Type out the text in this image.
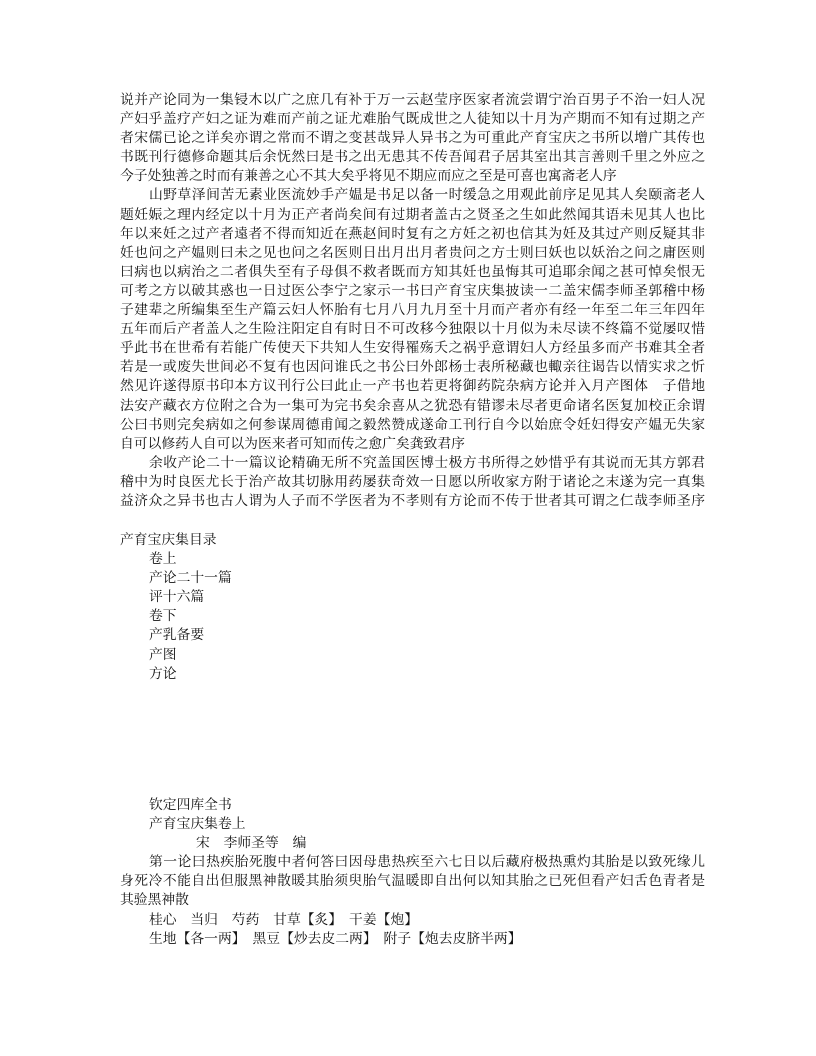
说并产论同为一集锓木以广之庶几有补于万一云赵莹序医家者流尝谓宁治百男子不治一妇人况
产妇乎盖疗产妇之证为难而产前之证尤难胎气既成世之人徒知以十月为产期而不知有过期之产
者宋儒已论之详矣亦谓之常而不谓之变甚哉异人异书之为可重此产育宝庆之书所以增广其传也
书既刊行德修命题其后余怃然曰是书之出无患其不传吾闻君子居其室出其言善则千里之外应之
今子处独善之时而有兼善之心不其大矣乎将见不期应而应之至是可喜也寓斋老人序
山野草泽间苦无素业医流妙手产媪是书足以备一时缓急之用观此前序足见其人矣颐斋老人
题妊娠之理内经定以十月为正产者尚矣间有过期者盖古之贤圣之生如此然闻其语未见其人也比
年以来妊之过产者遠者不得而知近在燕赵间时复有之方妊之初也信其为妊及其过产则反疑其非
妊也问之产媪则曰未之见也问之名医则日出月出月者贵问之方士则曰妖也以妖治之问之庸医则
曰病也以病治之二者俱失至有子母俱不救者既而方知其妊也虽悔其可追耶余闻之甚可悼矣恨无
可考之方以破其惑也一日过医公李宁之家示一书曰产育宝庆集披读一二盖宋儒李师圣郭稽中杨
子建辈之所编集至生产篇云妇人怀胎有七月八月九月至十月而产者亦有经一年至二年三年四年
五年而后产者盖人之生险注阳定自有时日不可改移今独限以十月似为未尽读不终篇不觉屡叹惜
乎此书在世希有若能广传使天下共知人生安得罹殇夭之祸乎意谓妇人方经虽多而产书难其全者
若是一或废失世间必不复有也因问谁氏之书公曰外郎杨士表所秘藏也輙亲往谒告以情实求之忻
然见许遂得原书印本方议刊行公曰此止一产书也若更将御药院杂病方论并入月产图体　子借地
法安产藏衣方位附之合为一集可为完书矣余喜从之犹恐有错谬未尽者更命诸名医复加校正余谓
公曰书则完矣病如之何参谋周德甫闻之毅然赞成遂命工刊行自今以始庶令妊妇得安产媪无失家
自可以修药人自可以为医来者可知而传之愈广矣龚致君序
余收产论二十一篇议论精确无所不究盖国医博士极方书所得之妙惜乎有其说而无其方郭君
稽中为时良医尤长于治产故其切脉用药屡获奇效一日愿以所收家方附于诸论之末遂为完一真集
益济众之异书也古人谓为人子而不学医者为不孝则有方论而不传于世者其可谓之仁哉李师圣序
产育宝庆集目录
卷上
产论二十一篇
评十六篇
卷下
产乳备要
产图
方论
钦定四库全书
产育宝庆集卷上
宋　李师圣等　编
第一论曰热疾胎死腹中者何答曰因母患热疾至六七日以后藏府极热熏灼其胎是以致死缘儿
身死冷不能自出但服黑神散暖其胎须臾胎气温暖即自出何以知其胎之已死但看产妇舌色青者是
其验黑神散
桂心　当归　芍药　甘草【炙】　干姜【炮】
生地【各一两】　黑豆【炒去皮二两】　附子【炮去皮脐半两】
